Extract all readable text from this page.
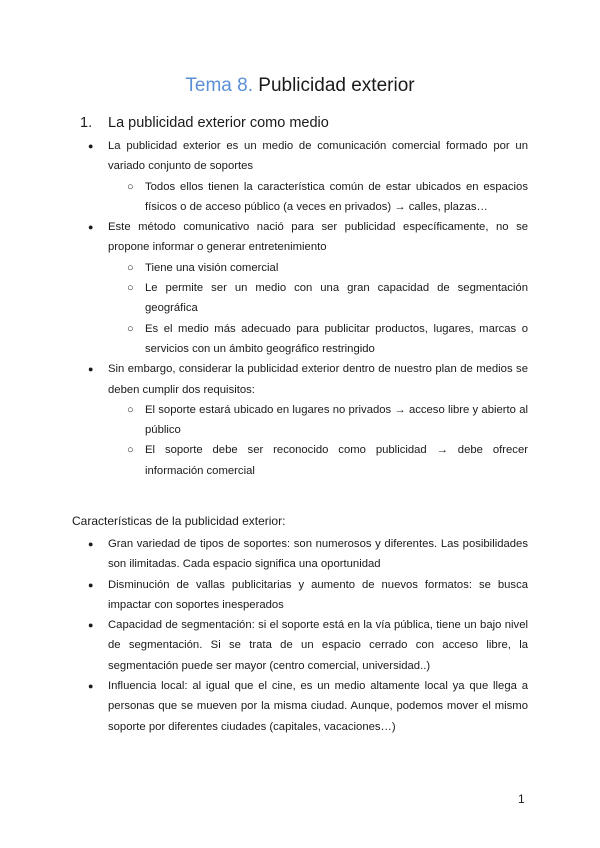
Tema 8. Publicidad exterior
1. La publicidad exterior como medio
● La publicidad exterior es un medio de comunicación comercial formado por un variado conjunto de soportes
○ Todos ellos tienen la característica común de estar ubicados en espacios físicos o de acceso público (a veces en privados) → calles, plazas…
● Este método comunicativo nació para ser publicidad específicamente, no se propone informar o generar entretenimiento
○ Tiene una visión comercial
○ Le permite ser un medio con una gran capacidad de segmentación geográfica
○ Es el medio más adecuado para publicitar productos, lugares, marcas o servicios con un ámbito geográfico restringido
● Sin embargo, considerar la publicidad exterior dentro de nuestro plan de medios se deben cumplir dos requisitos:
○ El soporte estará ubicado en lugares no privados → acceso libre y abierto al público
○ El soporte debe ser reconocido como publicidad → debe ofrecer información comercial
Características de la publicidad exterior:
● Gran variedad de tipos de soportes: son numerosos y diferentes. Las posibilidades son ilimitadas. Cada espacio significa una oportunidad
● Disminución de vallas publicitarias y aumento de nuevos formatos: se busca impactar con soportes inesperados
● Capacidad de segmentación: si el soporte está en la vía pública, tiene un bajo nivel de segmentación. Si se trata de un espacio cerrado con acceso libre, la segmentación puede ser mayor (centro comercial, universidad..)
● Influencia local: al igual que el cine, es un medio altamente local ya que llega a personas que se mueven por la misma ciudad. Aunque, podemos mover el mismo soporte por diferentes ciudades (capitales, vacaciones…)
1
